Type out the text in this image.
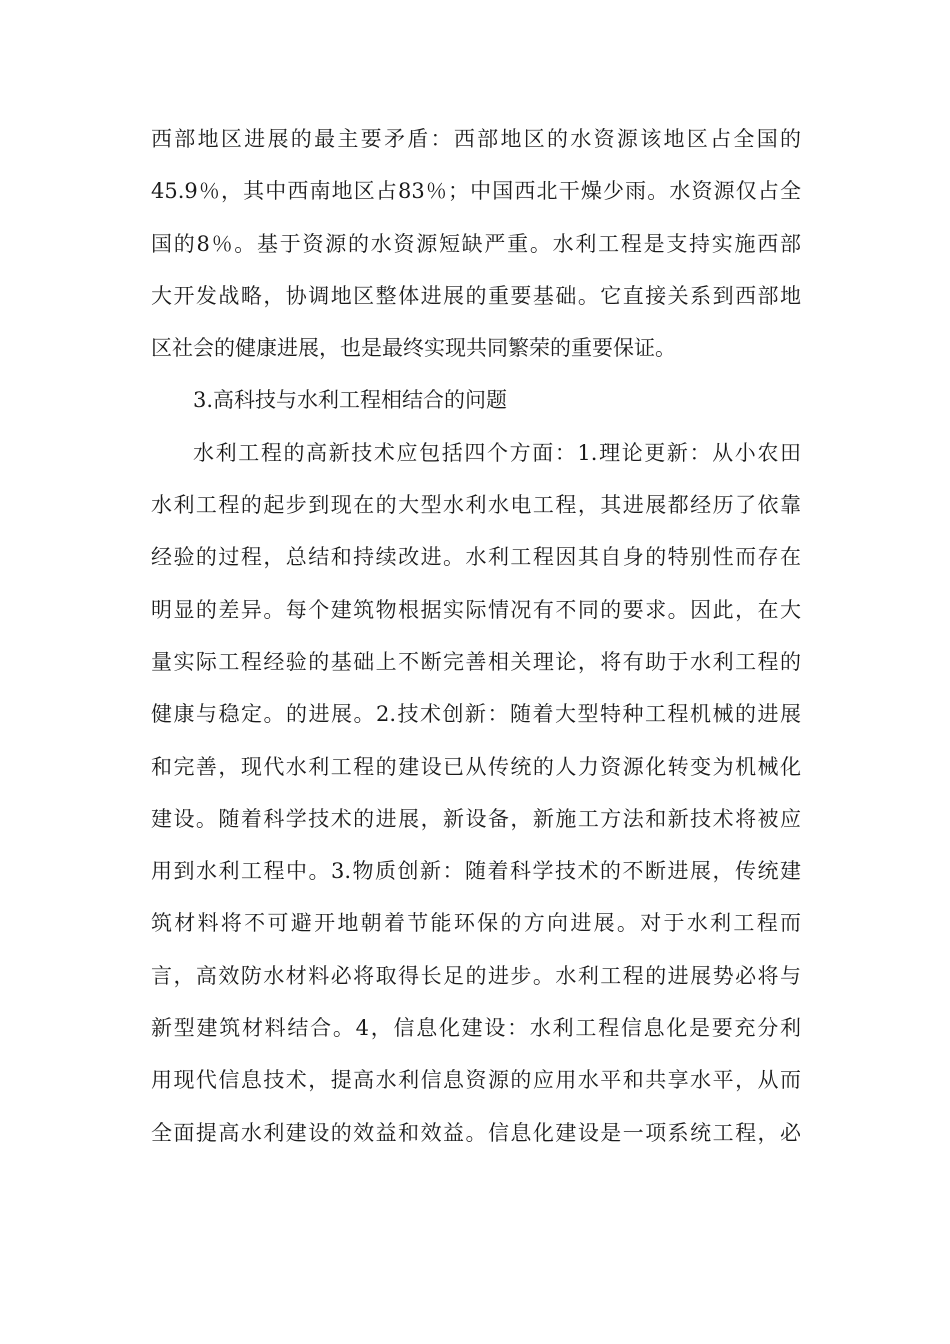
西部地区进展的最主要矛盾：西部地区的水资源该地区占全国的
45.9％，其中西南地区占83％；中国西北干燥少雨。水资源仅占全
国的8％。基于资源的水资源短缺严重。水利工程是支持实施西部
大开发战略，协调地区整体进展的重要基础。它直接关系到西部地
区社会的健康进展，也是最终实现共同繁荣的重要保证。
3.高科技与水利工程相结合的问题
水利工程的高新技术应包括四个方面：1.理论更新：从小农田
水利工程的起步到现在的大型水利水电工程，其进展都经历了依靠
经验的过程，总结和持续改进。水利工程因其自身的特别性而存在
明显的差异。每个建筑物根据实际情况有不同的要求。因此，在大
量实际工程经验的基础上不断完善相关理论，将有助于水利工程的
健康与稳定。的进展。2.技术创新：随着大型特种工程机械的进展
和完善，现代水利工程的建设已从传统的人力资源化转变为机械化
建设。随着科学技术的进展，新设备，新施工方法和新技术将被应
用到水利工程中。3.物质创新：随着科学技术的不断进展，传统建
筑材料将不可避开地朝着节能环保的方向进展。对于水利工程而
言，高效防水材料必将取得长足的进步。水利工程的进展势必将与
新型建筑材料结合。4，信息化建设：水利工程信息化是要充分利
用现代信息技术，提高水利信息资源的应用水平和共享水平，从而
全面提高水利建设的效益和效益。信息化建设是一项系统工程，必
